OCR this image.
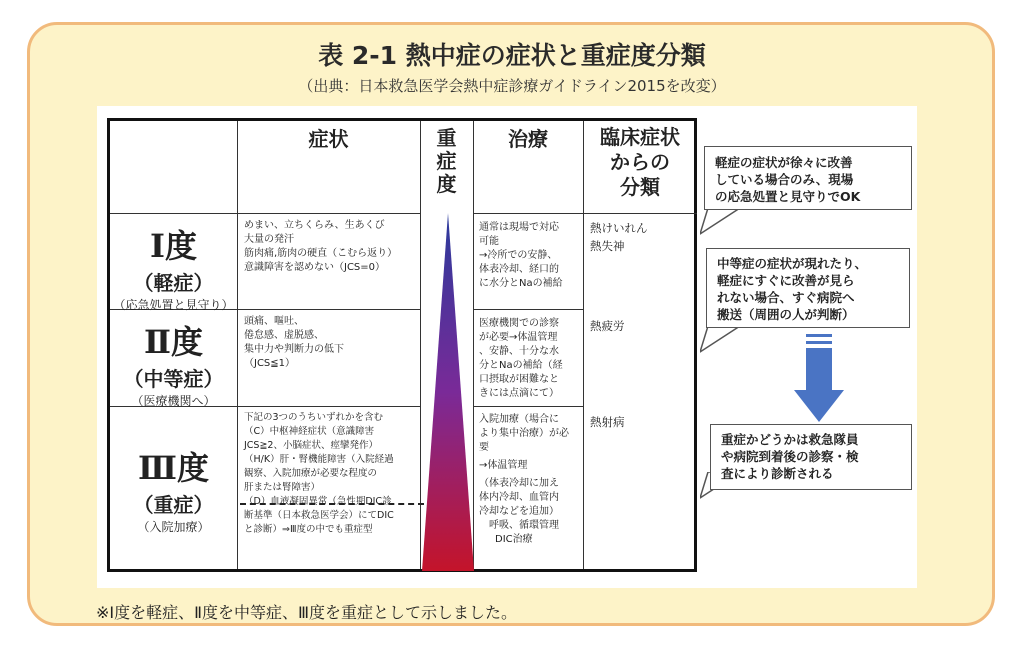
表 2-1 熱中症の症状と重症度分類
（出典：日本救急医学会熱中症診療ガイドライン2015を改変）
症状	重
症
度
治療	臨床症状
からの
分類
Ⅰ度
（軽症）
（応急処置と見守り）
Ⅱ度
（中等症）
（医療機関へ）
Ⅲ度
（重症）
（入院加療）
めまい、立ちくらみ、生あくび
大量の発汗
筋肉痛,筋肉の硬直（こむら返り）
意識障害を認めない（JCS=0）
頭痛、嘔吐、
倦怠感、虚脱感、
集中力や判断力の低下
（JCS≦1）
下記の3つのうちいずれかを含む
（C）中枢神経症状（意識障害
JCS≧2、小脳症状、痙攣発作）
（H/K）肝・腎機能障害（入院経過
観察、入院加療が必要な程度の
肝または腎障害）
（D）血液凝固異常（急性期DIC診
断基準（日本救急医学会）にてDIC
と診断）⇒Ⅲ度の中でも重症型
通常は現場で対応
可能
→冷所での安静、
体表冷却、経口的
に水分とNaの補給
医療機関での診察
が必要→体温管理
、安静、十分な水
分とNaの補給（経
口摂取が困難なと
きには点滴にて）
入院加療（場合に
より集中治療）が必
要
→体温管理
（体表冷却に加え
体内冷却、血管内
冷却などを追加）
呼吸、循環管理
DIC治療
熱けいれん
熱失神
熱疲労
熱射病
軽症の症状が徐々に改善
している場合のみ、現場
の応急処置と見守りでOK
中等症の症状が現れたり、
軽症にすぐに改善が見ら
れない場合、すぐ病院へ
搬送（周囲の人が判断）
重症かどうかは救急隊員
や病院到着後の診察・検
査により診断される
※Ⅰ度を軽症、Ⅱ度を中等症、Ⅲ度を重症として示しました。
